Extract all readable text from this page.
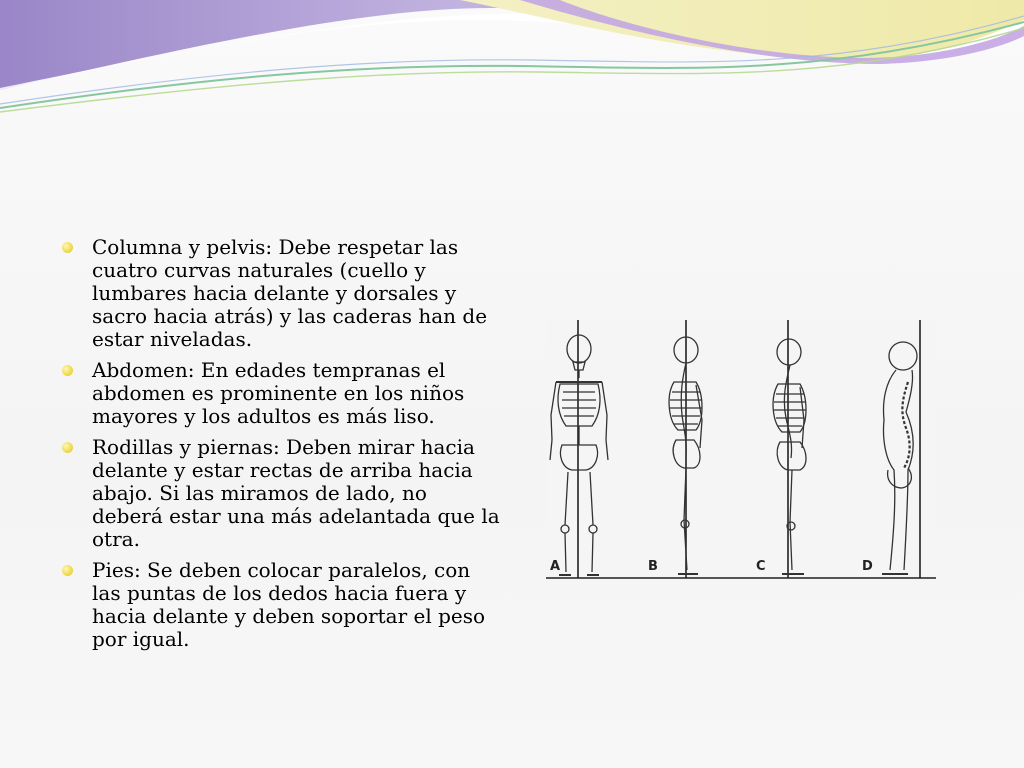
Columna y pelvis: Debe respetar las cuatro curvas naturales (cuello y lumbares hacia delante y dorsales y sacro hacia atrás) y las caderas han de estar niveladas.
Abdomen: En edades tempranas el abdomen es prominente en los niños mayores y los adultos es más liso.
Rodillas y piernas: Deben mirar hacia delante y estar rectas de arriba hacia abajo. Si las miramos de lado, no deberá estar una más adelantada que la otra.
Pies: Se deben colocar paralelos, con las puntas de los dedos hacia fuera y hacia delante y deben soportar el peso por igual.
A	B	C	D
